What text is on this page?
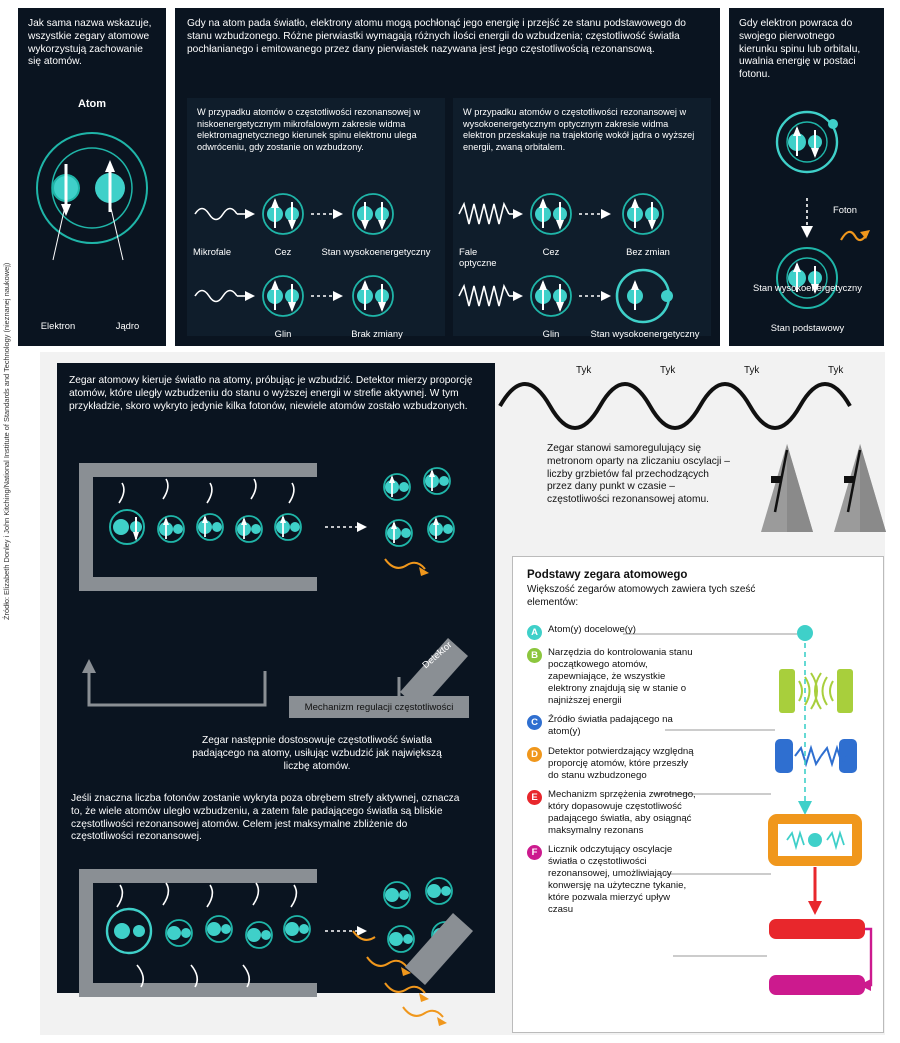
Źródło: Elizabeth Donley i John Kitching/National Institute of Standards and Technology (nieznanej naukowej)

Jak sama nazwa wskazuje, wszystkie zegary atomowe wykorzystują zachowanie się atomów.

Atom
Elektron	Jądro

Gdy na atom pada światło, elektrony atomu mogą pochłonąć jego energię i przejść ze stanu podstawowego do stanu wzbudzonego. Różne pierwiastki wymagają różnych ilości energii do wzbudzenia; częstotliwość światła pochłanianego i emitowanego przez dany pierwiastek nazywana jest jego częstotliwością rezonansową.

W przypadku atomów o częstotliwości rezonansowej w niskoenergetycznym mikrofalowym zakresie widma elektromagnetycznego kierunek spinu elektronu ulega odwróceniu, gdy zostanie on wzbudzony.

Mikrofale	Cez	Stan wysokoenergetyczny
Glin	Brak zmiany

W przypadku atomów o częstotliwości rezonansowej w wysokoenergetycznym optycznym zakresie widma elektron przeskakuje na trajektorię wokół jądra o wyższej energii, zwaną orbitalem.

Fale optyczne
Cez	Bez zmian
Glin	Stan wysokoenergetyczny

Gdy elektron powraca do swojego pierwotnego kierunku spinu lub orbitalu, uwalnia energię w postaci fotonu.

Stan wysokoenergetyczny
Foton
Stan podstawowy
Tyk	Tyk	Tyk	Tyk

Zegar stanowi samoregulujący się metronom oparty na zliczaniu oscylacji – liczby grzbietów fal przechodzących przez dany punkt w czasie – częstotliwości rezonansowej atomu.

Zegar atomowy kieruje światło na atomy, próbując je wzbudzić. Detektor mierzy proporcję atomów, które uległy wzbudzeniu do stanu o wyższej energii w strefie aktywnej. W tym przykładzie, skoro wykryto jedynie kilka fotonów, niewiele atomów zostało wzbudzonych.

Detektor
Mechanizm regulacji częstotliwości

Zegar następnie dostosowuje częstotliwość światła padającego na atomy, usiłując wzbudzić jak największą liczbę atomów.

Jeśli znaczna liczba fotonów zostanie wykryta poza obrębem strefy aktywnej, oznacza to, że wiele atomów uległo wzbudzeniu, a zatem fale padającego światła są bliskie częstotliwości rezonansowej atomów. Celem jest maksymalne zbliżenie do częstotliwości rezonansowej.

Podstawy zegara atomowego
Większość zegarów atomowych zawiera tych sześć elementów:
A	Atom(y) docelowe(y)
B	Narzędzia do kontrolowania stanu początkowego atomów, zapewniające, że wszystkie elektrony znajdują się w stanie o najniższej energii
C	Źródło światła padającego na atom(y)
D	Detektor potwierdzający względną proporcję atomów, które przeszły do stanu wzbudzonego
E	Mechanizm sprzężenia zwrotnego, który dopasowuje częstotliwość padającego światła, aby osiągnąć maksymalny rezonans
F	Licznik odczytujący oscylacje światła o częstotliwości rezonansowej, umożliwiający konwersję na użyteczne tykanie, które pozwala mierzyć upływ czasu
